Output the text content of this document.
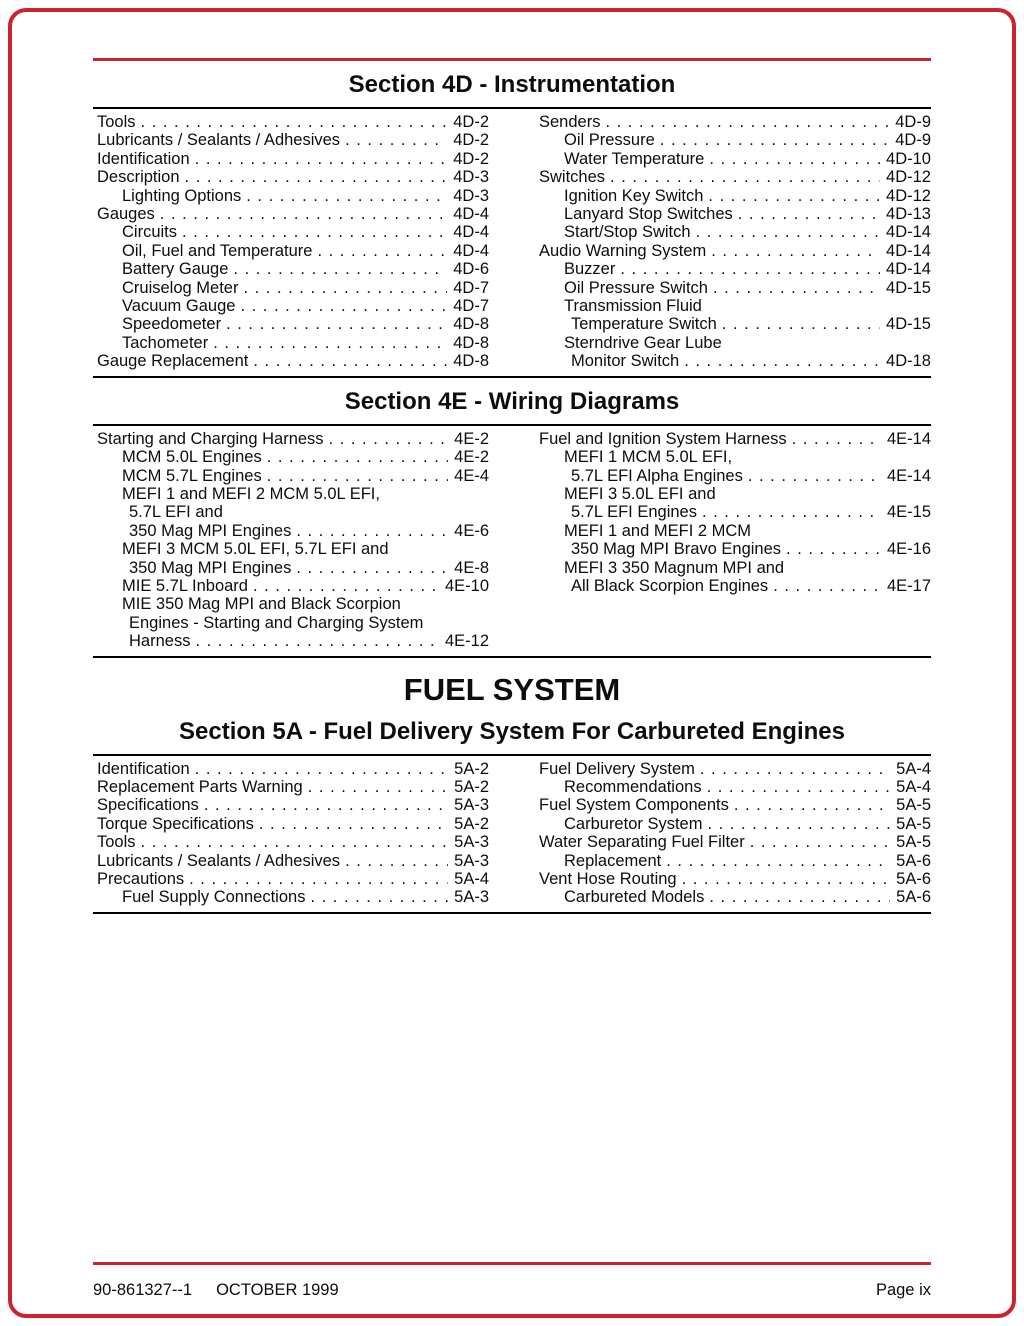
Section 4D - Instrumentation
Tools . . .	4D-2
Lubricants / Sealants / Adhesives . . .	4D-2
Identification . . .	4D-2
Description . . .	4D-3
Lighting Options . . .	4D-3
Gauges . . .	4D-4
Circuits . . .	4D-4
Oil, Fuel and Temperature . . .	4D-4
Battery Gauge . . .	4D-6
Cruiselog Meter . . .	4D-7
Vacuum Gauge . . .	4D-7
Speedometer . . .	4D-8
Tachometer . . .	4D-8
Gauge Replacement . . .	4D-8
Senders . . .	4D-9
Oil Pressure . . .	4D-9
Water Temperature . . .	4D-10
Switches . . .	4D-12
Ignition Key Switch . . .	4D-12
Lanyard Stop Switches . . .	4D-13
Start/Stop Switch . . .	4D-14
Audio Warning System . . .	4D-14
Buzzer . . .	4D-14
Oil Pressure Switch . . .	4D-15
Transmission Fluid
Temperature Switch . . .	4D-15
Sterndrive Gear Lube
Monitor Switch . . .	4D-18
Section 4E - Wiring Diagrams
Starting and Charging Harness . . .	4E-2
MCM 5.0L Engines . . .	4E-2
MCM 5.7L Engines . . .	4E-4
MEFI 1 and MEFI 2 MCM 5.0L EFI,
5.7L EFI and
350 Mag MPI Engines . . .	4E-6
MEFI 3 MCM 5.0L EFI, 5.7L EFI and
350 Mag MPI Engines . . .	4E-8
MIE 5.7L Inboard . . .	4E-10
MIE 350 Mag MPI and Black Scorpion
Engines - Starting and Charging System
Harness . . .	4E-12
Fuel and Ignition System Harness . . .	4E-14
MEFI 1 MCM 5.0L EFI,
5.7L EFI Alpha Engines . . .	4E-14
MEFI 3 5.0L EFI and
5.7L EFI Engines . . .	4E-15
MEFI 1 and MEFI 2 MCM
350 Mag MPI Bravo Engines . . .	4E-16
MEFI 3 350 Magnum MPI and
All Black Scorpion Engines . . .	4E-17
FUEL SYSTEM
Section 5A - Fuel Delivery System For Carbureted Engines
Identification . . .	5A-2
Replacement Parts Warning . . .	5A-2
Specifications . . .	5A-3
Torque Specifications . . .	5A-2
Tools . . .	5A-3
Lubricants / Sealants / Adhesives . . .	5A-3
Precautions . . .	5A-4
Fuel Supply Connections . . .	5A-3
Fuel Delivery System . . .	5A-4
Recommendations . . .	5A-4
Fuel System Components . . .	5A-5
Carburetor System . . .	5A-5
Water Separating Fuel Filter . . .	5A-5
Replacement . . .	5A-6
Vent Hose Routing . . .	5A-6
Carbureted Models . . .	5A-6
90-861327--1 OCTOBER 1999	Page ix
